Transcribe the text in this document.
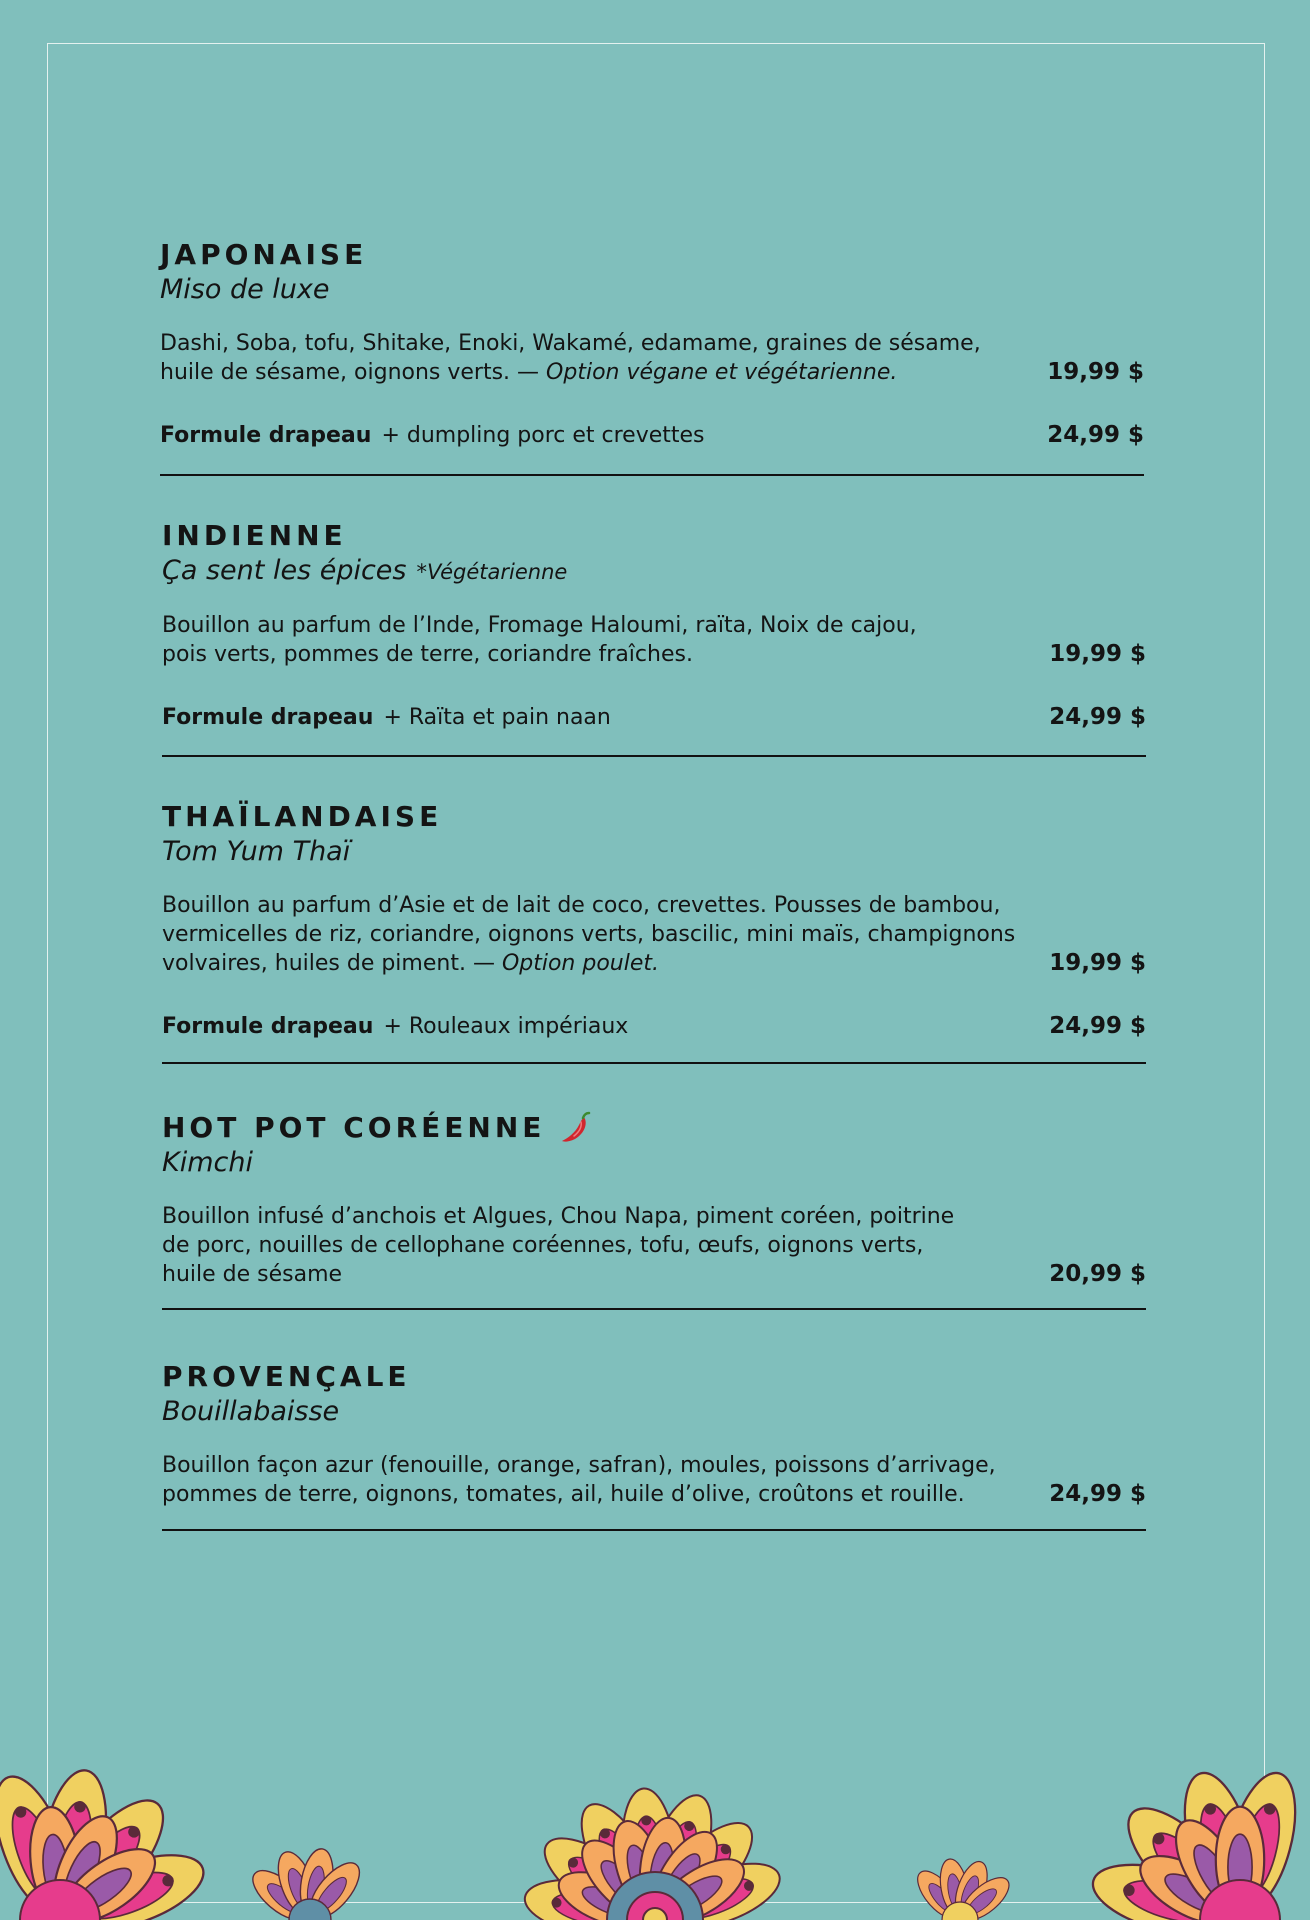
JAPONAISE
Miso de luxe
Dashi, Soba, tofu, Shitake, Enoki, Wakamé, edamame, graines de sésame, huile de sésame, oignons verts. — Option végane et végétarienne.	19,99 $
Formule drapeau + dumpling porc et crevettes	24,99 $
INDIENNE
Ça sent les épices *Végétarienne
Bouillon au parfum de l’Inde, Fromage Haloumi, raïta, Noix de cajou, pois verts, pommes de terre, coriandre fraîches.	19,99 $
Formule drapeau + Raïta et pain naan	24,99 $
THAÏLANDAISE
Tom Yum Thaï
Bouillon au parfum d’Asie et de lait de coco, crevettes. Pousses de bambou, vermicelles de riz, coriandre, oignons verts, bascilic, mini maïs, champignons volvaires, huiles de piment. — Option poulet.	19,99 $
Formule drapeau + Rouleaux impériaux	24,99 $
HOT POT CORÉENNE
Kimchi
Bouillon infusé d’anchois et Algues, Chou Napa, piment coréen, poitrine de porc, nouilles de cellophane coréennes, tofu, œufs, oignons verts, huile de sésame	20,99 $
PROVENÇALE
Bouillabaisse
Bouillon façon azur (fenouille, orange, safran), moules, poissons d’arrivage, pommes de terre, oignons, tomates, ail, huile d’olive, croûtons et rouille.	24,99 $
